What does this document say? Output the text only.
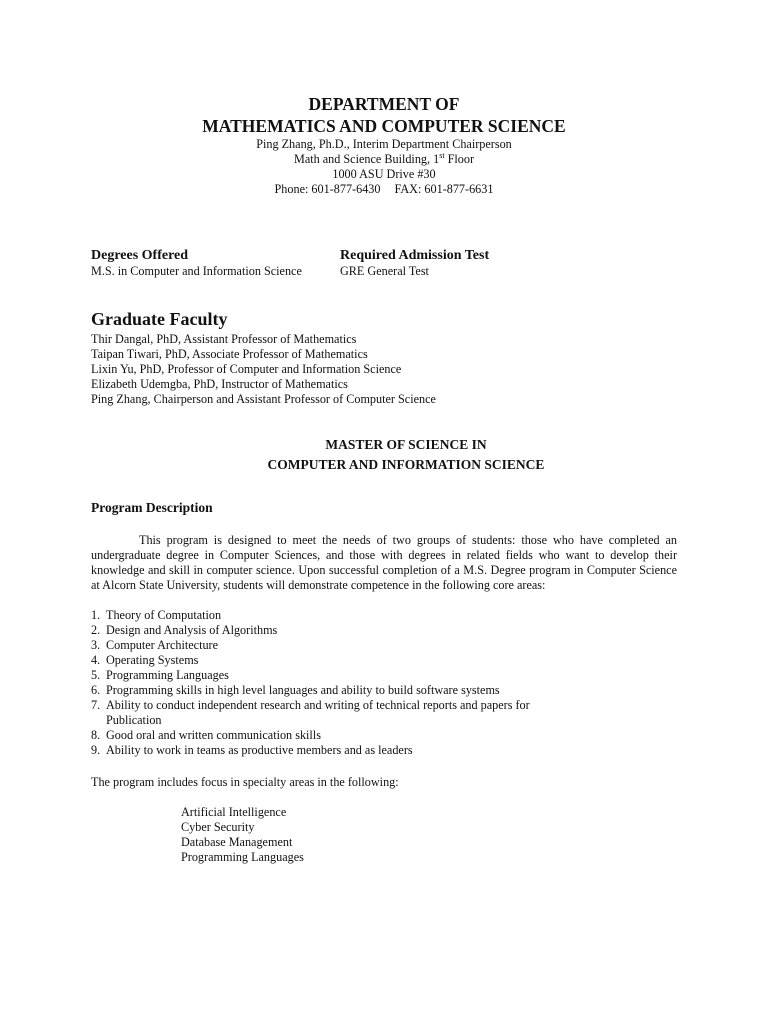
DEPARTMENT OF

MATHEMATICS AND COMPUTER SCIENCE

Ping Zhang, Ph.D., Interim Department Chairperson

Math and Science Building, 1st Floor

1000 ASU Drive #30

Phone: 601-877-6430 FAX: 601-877-6631

Degrees Offered

M.S. in Computer and Information Science

Required Admission Test

GRE General Test

Graduate Faculty

Thir Dangal, PhD, Assistant Professor of Mathematics

Taipan Tiwari, PhD, Associate Professor of Mathematics

Lixin Yu, PhD, Professor of Computer and Information Science

Elizabeth Udemgba, PhD, Instructor of Mathematics

Ping Zhang, Chairperson and Assistant Professor of Computer Science

MASTER OF SCIENCE IN

COMPUTER AND INFORMATION SCIENCE

Program Description

This program is designed to meet the needs of two groups of students: those who have completed an undergraduate degree in Computer Sciences, and those with degrees in related fields who want to develop their knowledge and skill in computer science. Upon successful completion of a M.S. Degree program in Computer Science at Alcorn State University, students will demonstrate competence in the following core areas:

1. Theory of Computation
2. Design and Analysis of Algorithms
3. Computer Architecture
4. Operating Systems
5. Programming Languages
6. Programming skills in high level languages and ability to build software systems
7. Ability to conduct independent research and writing of technical reports and papers for Publication
8. Good oral and written communication skills
9. Ability to work in teams as productive members and as leaders

The program includes focus in specialty areas in the following:

Artificial Intelligence
Cyber Security
Database Management
Programming Languages
